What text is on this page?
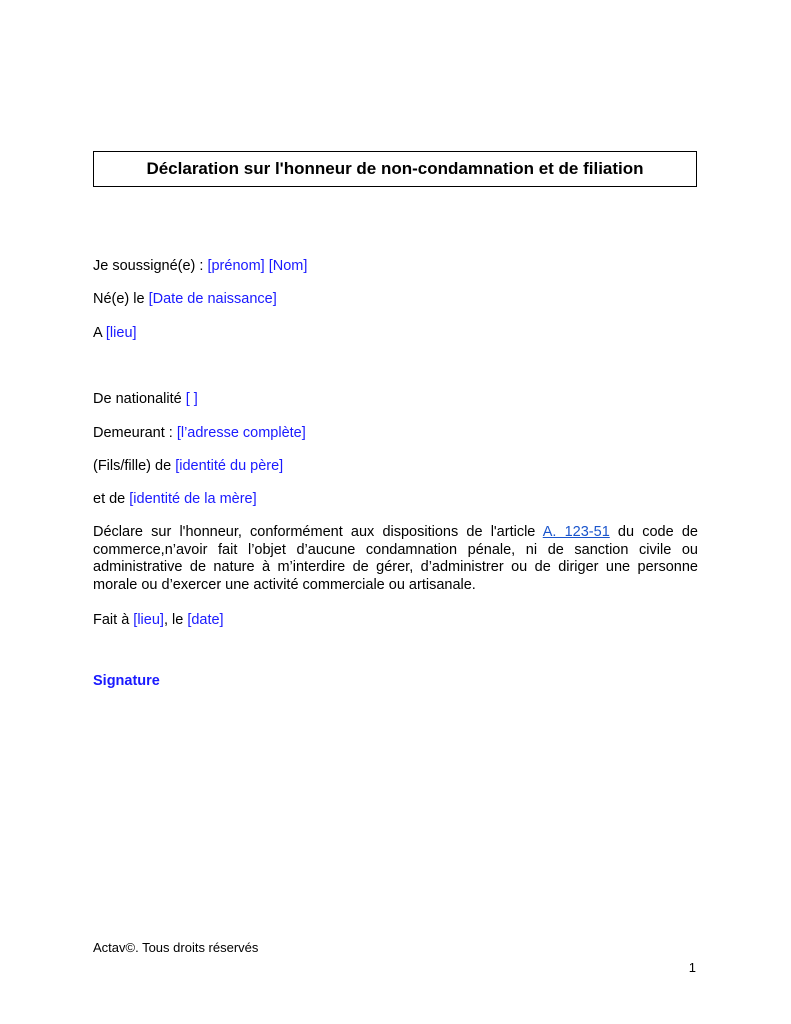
Déclaration sur l'honneur de non-condamnation et de filiation
Je soussigné(e) : [prénom] [Nom]
Né(e) le [Date de naissance]
A [lieu]
De nationalité [ ]
Demeurant : [l’adresse complète]
(Fils/fille) de [identité du père]
et de [identité de la mère]
Déclare sur l'honneur, conformément aux dispositions de l'article A. 123-51 du code de commerce,n’avoir fait l’objet d’aucune condamnation pénale, ni de sanction civile ou administrative de nature à m’interdire de gérer, d’administrer ou de diriger une personne morale ou d’exercer une activité commerciale ou artisanale.
Fait à [lieu], le [date]
Signature
Actav©. Tous droits réservés
1
